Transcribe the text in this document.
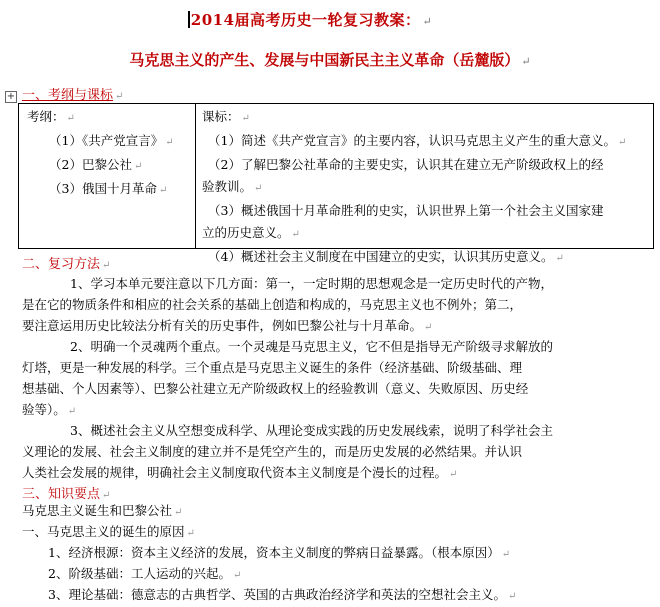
2014届高考历史一轮复习教案： ↵
马克思主义的产生、发展与中国新民主主义革命（岳麓版） ↵
一、考纲与课标 ↵
+
考纲： ↵
（1）《共产党宣言》 ↵
（2）巴黎公社 ↵
（3）俄国十月革命 ↵
课标： ↵
（1）简述《共产党宣言》的主要内容，认识马克思主义产生的重大意义。 ↵
（2）了解巴黎公社革命的主要史实，认识其在建立无产阶级政权上的经
验教训。 ↵
（3）概述俄国十月革命胜利的史实，认识世界上第一个社会主义国家建
立的历史意义。 ↵
（4）概述社会主义制度在中国建立的史实，认识其历史意义。 ↵
二、复习方法 ↵
1、学习本单元要注意以下几方面：第一，一定时期的思想观念是一定历史时代的产物，
是在它的物质条件和相应的社会关系的基础上创造和构成的，马克思主义也不例外；第二，
要注意运用历史比较法分析有关的历史事件，例如巴黎公社与十月革命。 ↵
2、明确一个灵魂两个重点。一个灵魂是马克思主义，它不但是指导无产阶级寻求解放的
灯塔，更是一种发展的科学。三个重点是马克思主义诞生的条件（经济基础、阶级基础、理
想基础、个人因素等）、巴黎公社建立无产阶级政权上的经验教训（意义、失败原因、历史经
验等）。 ↵
3、概述社会主义从空想变成科学、从理论变成实践的历史发展线索，说明了科学社会主
义理论的发展、社会主义制度的建立并不是凭空产生的，而是历史发展的必然结果。并认识
人类社会发展的规律，明确社会主义制度取代资本主义制度是个漫长的过程。 ↵
三、知识要点 ↵
马克思主义诞生和巴黎公社 ↵
一、马克思主义的诞生的原因 ↵
1、经济根源：资本主义经济的发展，资本主义制度的弊病日益暴露。（根本原因） ↵
2、阶级基础：工人运动的兴起。 ↵
3、理论基础：德意志的古典哲学、英国的古典政治经济学和英法的空想社会主义。 ↵
